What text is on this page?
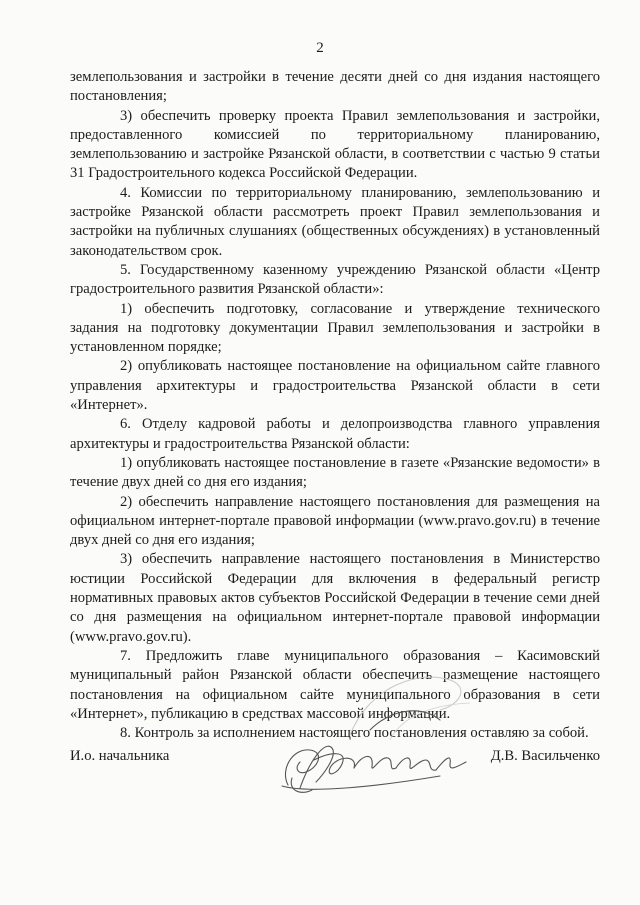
2

землепользования и застройки в течение десяти дней со дня издания настоящего постановления;

3) обеспечить проверку проекта Правил землепользования и застройки, предоставленного комиссией по территориальному планированию, землепользованию и застройке Рязанской области, в соответствии с частью 9 статьи 31 Градостроительного кодекса Российской Федерации.

4. Комиссии по территориальному планированию, землепользованию и застройке Рязанской области рассмотреть проект Правил землепользования и застройки на публичных слушаниях (общественных обсуждениях) в установленный законодательством срок.

5. Государственному казенному учреждению Рязанской области «Центр градостроительного развития Рязанской области»:

1) обеспечить подготовку, согласование и утверждение технического задания на подготовку документации Правил землепользования и застройки в установленном порядке;

2) опубликовать настоящее постановление на официальном сайте главного управления архитектуры и градостроительства Рязанской области в сети «Интернет».

6. Отделу кадровой работы и делопроизводства главного управления архитектуры и градостроительства Рязанской области:

1) опубликовать настоящее постановление в газете «Рязанские ведомости» в течение двух дней со дня его издания;

2) обеспечить направление настоящего постановления для размещения на официальном интернет-портале правовой информации (www.pravo.gov.ru) в течение двух дней со дня его издания;

3) обеспечить направление настоящего постановления в Министерство юстиции Российской Федерации для включения в федеральный регистр нормативных правовых актов субъектов Российской Федерации в течение семи дней со дня размещения на официальном интернет-портале правовой информации (www.pravo.gov.ru).

7. Предложить главе муниципального образования – Касимовский муниципальный район Рязанской области обеспечить размещение настоящего постановления на официальном сайте муниципального образования в сети «Интернет», публикацию в средствах массовой информации.

8. Контроль за исполнением настоящего постановления оставляю за собой.

И.о. начальника	Д.В. Васильченко
